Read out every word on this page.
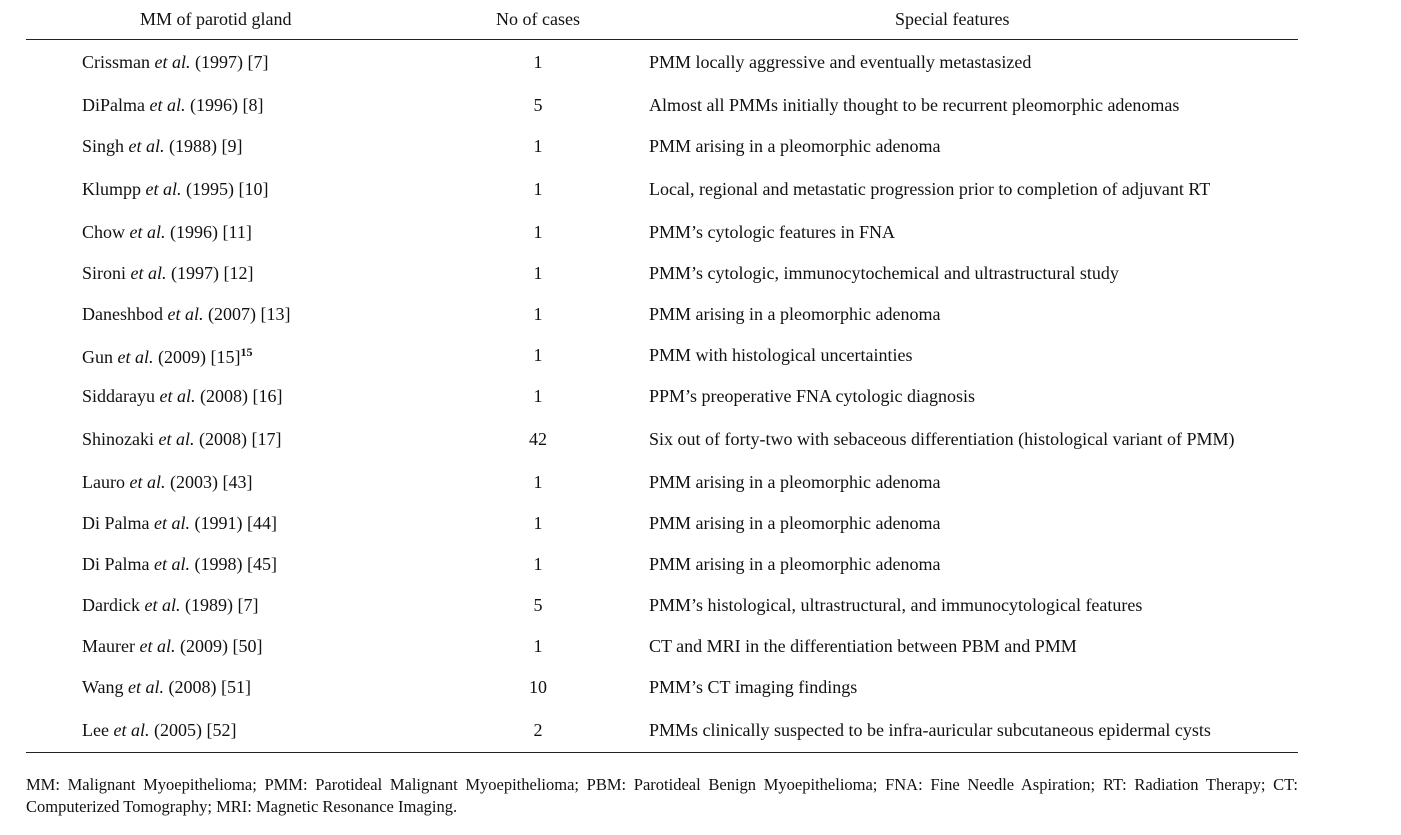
MM of parotid gland	No of cases	Special features
Crissman et al. (1997) [7]	1	PMM locally aggressive and eventually metastasized
DiPalma et al. (1996) [8]	5	Almost all PMMs initially thought to be recurrent pleomorphic adenomas
Singh et al. (1988) [9]	1	PMM arising in a pleomorphic adenoma
Klumpp et al. (1995) [10]	1	Local, regional and metastatic progression prior to completion of adjuvant RT
Chow et al. (1996) [11]	1	PMM’s cytologic features in FNA
Sironi et al. (1997) [12]	1	PMM’s cytologic, immunocytochemical and ultrastructural study
Daneshbod et al. (2007) [13]	1	PMM arising in a pleomorphic adenoma
Gun et al. (2009) $[15]^{15}$	1	PMM with histological uncertainties
Siddarayu et al. (2008) [16]	1	PPM’s preoperative FNA cytologic diagnosis
Shinozaki et al. (2008) [17]	42	Six out of forty-two with sebaceous differentiation (histological variant of PMM)
Lauro et al. (2003) [43]	1	PMM arising in a pleomorphic adenoma
Di Palma et al. (1991) [44]	1	PMM arising in a pleomorphic adenoma
Di Palma et al. (1998) [45]	1	PMM arising in a pleomorphic adenoma
Dardick et al. (1989) [7]	5	PMM’s histological, ultrastructural, and immunocytological features
Maurer et al. (2009) [50]	1	CT and MRI in the differentiation between PBM and PMM
Wang et al. (2008) [51]	10	PMM’s CT imaging findings
Lee et al. (2005) [52]	2	PMMs clinically suspected to be infra-auricular subcutaneous epidermal cysts
MM: Malignant Myoepithelioma; PMM: Parotideal Malignant Myoepithelioma; PBM: Parotideal Benign Myoepithelioma; FNA: Fine Needle Aspiration; RT: Radiation Therapy; CT: Computerized Tomography; MRI: Magnetic Resonance Imaging.
